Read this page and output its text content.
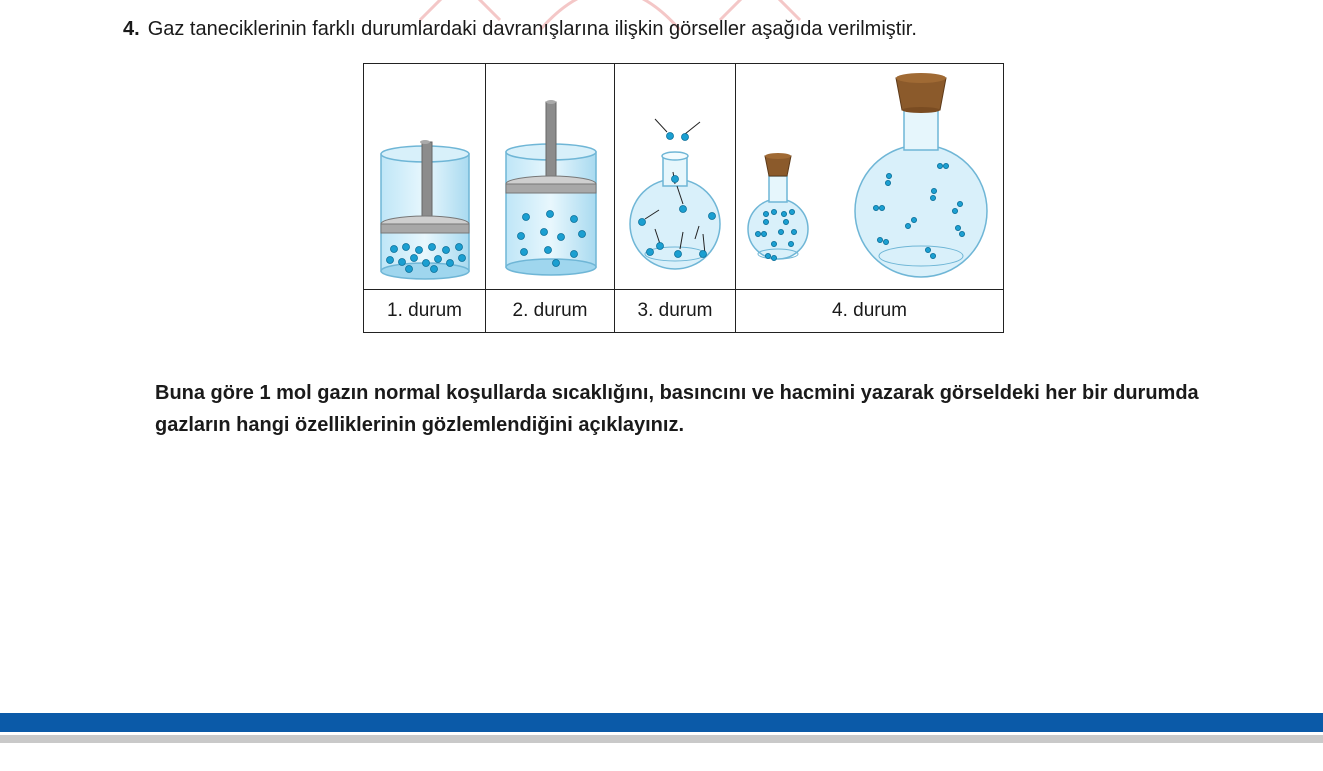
4. Gaz taneciklerinin farklı durumlardaki davranışlarına ilişkin görseller aşağıda verilmiştir.
1. durum	2. durum	3. durum	4. durum
Buna göre 1 mol gazın normal koşullarda sıcaklığını, basıncını ve hacmini yazarak görseldeki her bir durumda gazların hangi özelliklerinin gözlemlendiğini açıklayınız.
